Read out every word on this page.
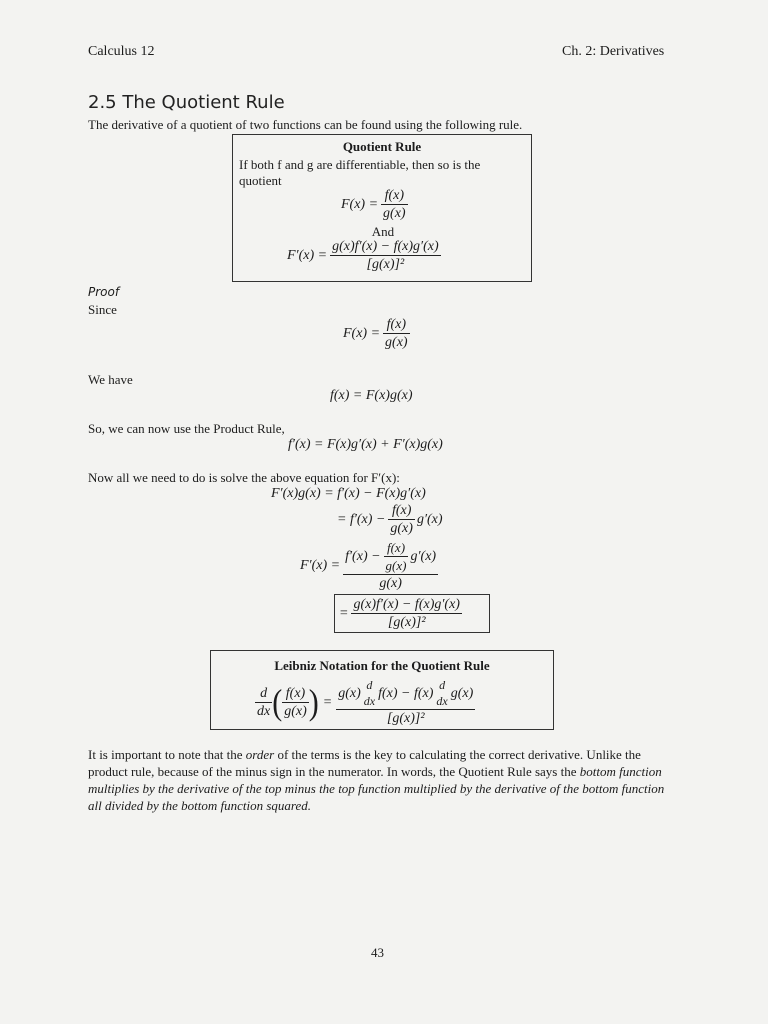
Calculus 12	Ch. 2: Derivatives
2.5 The Quotient Rule
The derivative of a quotient of two functions can be found using the following rule.
Quotient Rule
If both f and g are differentiable, then so is the
quotient
$F(x) = \frac{f(x)}{g(x)}$
And
$F'(x) = \frac{g(x)f'(x) - f(x)g'(x)}{\text{[g(x)]²}}$
Proof
Since
$F(x) = \frac{f(x)}{g(x)}$
We have
f(x) = F(x)g(x)
So, we can now use the Product Rule,
f′(x) = F(x)g′(x) + F′(x)g(x)
Now all we need to do is solve the above equation for F′(x):
F′(x)g(x) = f′(x) − F(x)g′(x)
= $f'(x) - \frac{f(x)}{g(x)} g'(x)$
F′(x) =
$f'(x) - \frac{f(x)}{g(x)} g'(x)$
g(x)
= $\frac{g(x)f'(x) - f(x)g'(x)}{\text{[g(x)]²}}$
Leibniz Notation for the Quotient Rule
$\frac{d}{dx}$ ( $\frac{f(x)}{g(x)}$ ) =
g(x)
d
dx
f(x) − f(x)
d
dx
g(x)
[g(x)]²
It is important to note that the order of the terms is the key to calculating the correct derivative. Unlike the product rule, because of the minus sign in the numerator. In words, the Quotient Rule says the bottom function multiplies by the derivative of the top minus the top function multiplied by the derivative of the bottom function all divided by the bottom function squared.
43
